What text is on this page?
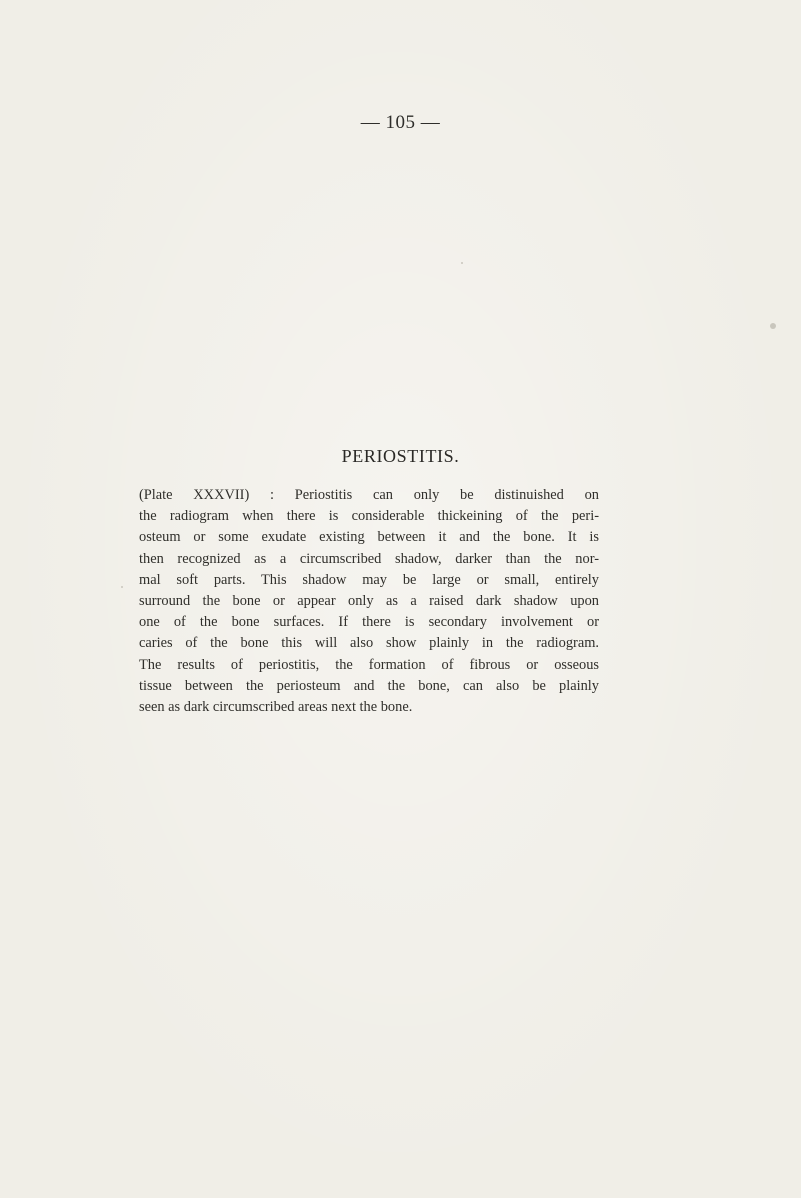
— 105 —
PERIOSTITIS.
(Plate XXXVII) : Periostitis can only be distinuished on
the radiogram when there is considerable thickeining of the peri-
osteum or some exudate existing between it and the bone. It is
then recognized as a circumscribed shadow, darker than the nor-
mal soft parts. This shadow may be large or small, entirely
surround the bone or appear only as a raised dark shadow upon
one of the bone surfaces. If there is secondary involvement or
caries of the bone this will also show plainly in the radiogram.
The results of periostitis, the formation of fibrous or osseous
tissue between the periosteum and the bone, can also be plainly
seen as dark circumscribed areas next the bone.
